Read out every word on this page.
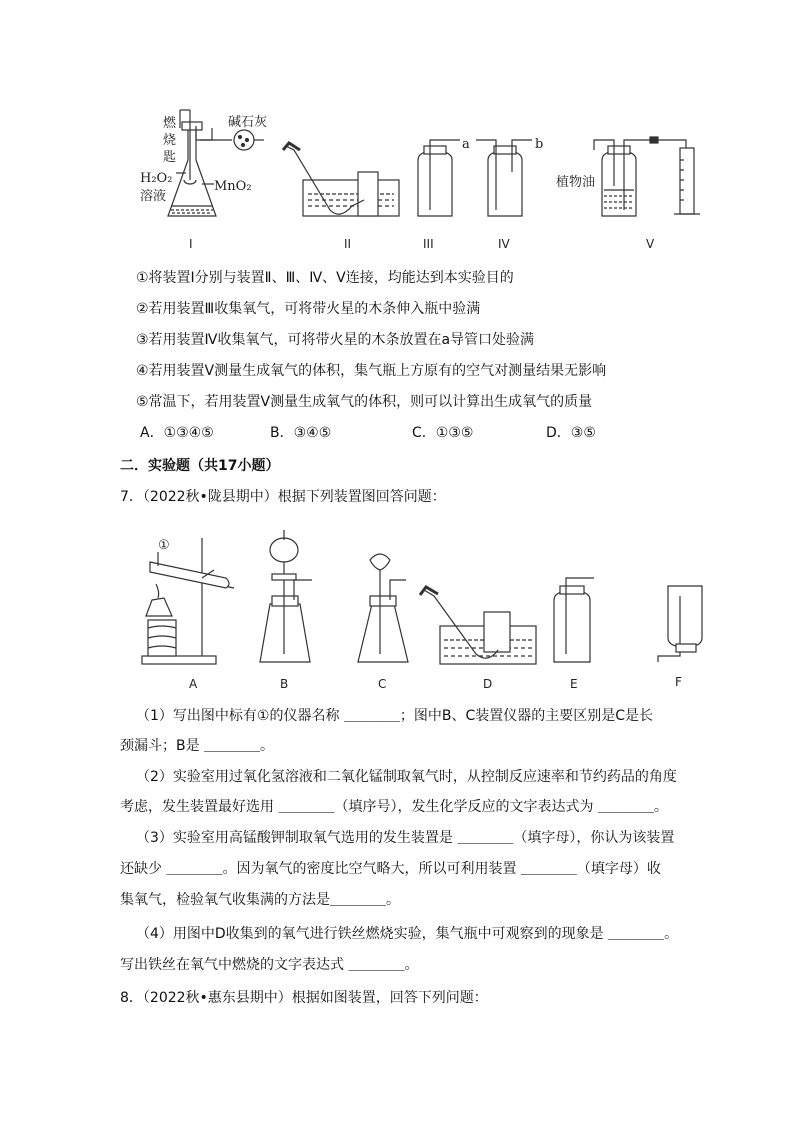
燃
烧
匙
碱石灰
H₂O₂
溶液
MnO₂
a	b
植物油
I	II	III	IV	V
①将装置Ⅰ分别与装置Ⅱ、Ⅲ、Ⅳ、Ⅴ连接，均能达到本实验目的
②若用装置Ⅲ收集氧气，可将带火星的木条伸入瓶中验满
③若用装置Ⅳ收集氧气，可将带火星的木条放置在a导管口处验满
④若用装置Ⅴ测量生成氧气的体积，集气瓶上方原有的空气对测量结果无影响
⑤常温下，若用装置Ⅴ测量生成氧气的体积，则可以计算出生成氧气的质量
A．①③④⑤	B．③④⑤	C．①③⑤	D．③⑤
二．实验题（共17小题）
7．（2022秋•陇县期中）根据下列装置图回答问题：
①
A	B	C	D	E	F
（1）写出图中标有①的仪器名称 ＿＿＿＿；图中B、C装置仪器的主要区别是C是长
颈漏斗；B是 ＿＿＿＿。
（2）实验室用过氧化氢溶液和二氧化锰制取氧气时，从控制反应速率和节约药品的角度
考虑，发生装置最好选用 ＿＿＿＿（填序号），发生化学反应的文字表达式为 ＿＿＿＿。
（3）实验室用高锰酸钾制取氧气选用的发生装置是 ＿＿＿＿（填字母），你认为该装置
还缺少 ＿＿＿＿。因为氧气的密度比空气略大，所以可利用装置 ＿＿＿＿（填字母）收
集氧气，检验氧气收集满的方法是＿＿＿＿。
（4）用图中D收集到的氧气进行铁丝燃烧实验，集气瓶中可观察到的现象是 ＿＿＿＿。
写出铁丝在氧气中燃烧的文字表达式 ＿＿＿＿。
8．（2022秋•惠东县期中）根据如图装置，回答下列问题：
